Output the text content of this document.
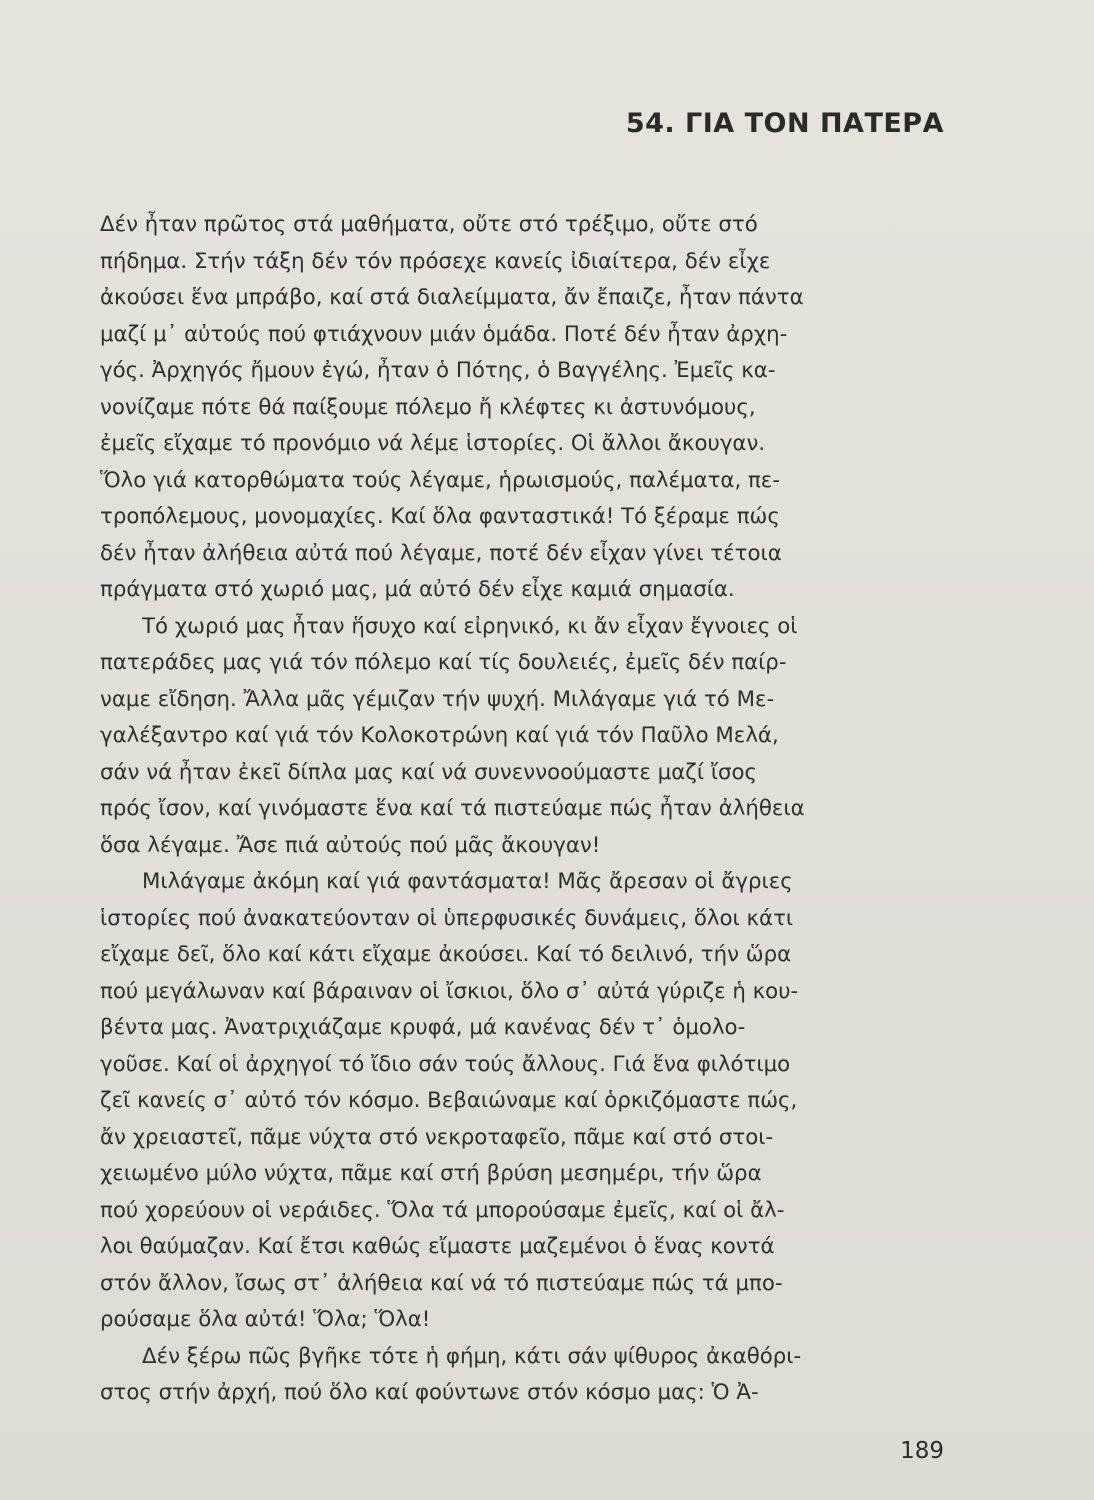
54. ΓΙΑ ΤΟΝ ΠΑΤΕΡΑ
Δέν ἦταν πρῶτος στά μαθήματα, οὔτε στό τρέξιμο, οὔτε στό
πήδημα. Στήν τάξη δέν τόν πρόσεχε κανείς ἰδιαίτερα, δέν εἶχε
ἀκούσει ἕνα μπράβο, καί στά διαλείμματα, ἄν ἔπαιζε, ἦταν πάντα
μαζί μ᾽ αὐτούς πού φτιάχνουν μιάν ὁμάδα. Ποτέ δέν ἦταν ἀρχη-
γός. Ἀρχηγός ἤμουν ἐγώ, ἦταν ὁ Πότης, ὁ Βαγγέλης. Ἐμεῖς κα-
νονίζαμε πότε θά παίξουμε πόλεμο ἤ κλέφτες κι ἀστυνόμους,
ἐμεῖς εἴχαμε τό προνόμιο νά λέμε ἱστορίες. Οἱ ἄλλοι ἄκουγαν.
Ὅλο γιά κατορθώματα τούς λέγαμε, ἡρωισμούς, παλέματα, πε-
τροπόλεμους, μονομαχίες. Καί ὅλα φανταστικά! Τό ξέραμε πώς
δέν ἦταν ἀλήθεια αὐτά πού λέγαμε, ποτέ δέν εἶχαν γίνει τέτοια
πράγματα στό χωριό μας, μά αὐτό δέν εἶχε καμιά σημασία.
Τό χωριό μας ἦταν ἥσυχο καί εἰρηνικό, κι ἄν εἶχαν ἔγνοιες οἱ
πατεράδες μας γιά τόν πόλεμο καί τίς δουλειές, ἐμεῖς δέν παίρ-
ναμε εἴδηση. Ἄλλα μᾶς γέμιζαν τήν ψυχή. Μιλάγαμε γιά τό Με-
γαλέξαντρο καί γιά τόν Κολοκοτρώνη καί γιά τόν Παῦλο Μελά,
σάν νά ἦταν ἐκεῖ δίπλα μας καί νά συνεννοούμαστε μαζί ἴσος
πρός ἴσον, καί γινόμαστε ἕνα καί τά πιστεύαμε πώς ἦταν ἀλήθεια
ὅσα λέγαμε. Ἄσε πιά αὐτούς πού μᾶς ἄκουγαν!
Μιλάγαμε ἀκόμη καί γιά φαντάσματα! Μᾶς ἄρεσαν οἱ ἄγριες
ἱστορίες πού ἀνακατεύονταν οἱ ὑπερφυσικές δυνάμεις, ὅλοι κάτι
εἴχαμε δεῖ, ὅλο καί κάτι εἴχαμε ἀκούσει. Καί τό δειλινό, τήν ὥρα
πού μεγάλωναν καί βάραιναν οἱ ἴσκιοι, ὅλο σ᾽ αὐτά γύριζε ἡ κου-
βέντα μας. Ἀνατριχιάζαμε κρυφά, μά κανένας δέν τ᾽ ὁμολο-
γοῦσε. Καί οἱ ἀρχηγοί τό ἴδιο σάν τούς ἄλλους. Γιά ἕνα φιλότιμο
ζεῖ κανείς σ᾽ αὐτό τόν κόσμο. Βεβαιώναμε καί ὁρκιζόμαστε πώς,
ἄν χρειαστεῖ, πᾶμε νύχτα στό νεκροταφεῖο, πᾶμε καί στό στοι-
χειωμένο μύλο νύχτα, πᾶμε καί στή βρύση μεσημέρι, τήν ὥρα
πού χορεύουν οἱ νεράιδες. Ὅλα τά μπορούσαμε ἐμεῖς, καί οἱ ἄλ-
λοι θαύμαζαν. Καί ἔτσι καθώς εἴμαστε μαζεμένοι ὁ ἕνας κοντά
στόν ἄλλον, ἴσως στ᾽ ἀλήθεια καί νά τό πιστεύαμε πώς τά μπο-
ρούσαμε ὅλα αὐτά! Ὅλα; Ὅλα!
Δέν ξέρω πῶς βγῆκε τότε ἡ φήμη, κάτι σάν ψίθυρος ἀκαθόρι-
στος στήν ἀρχή, πού ὅλο καί φούντωνε στόν κόσμο μας: Ὁ Ἀ-
189
